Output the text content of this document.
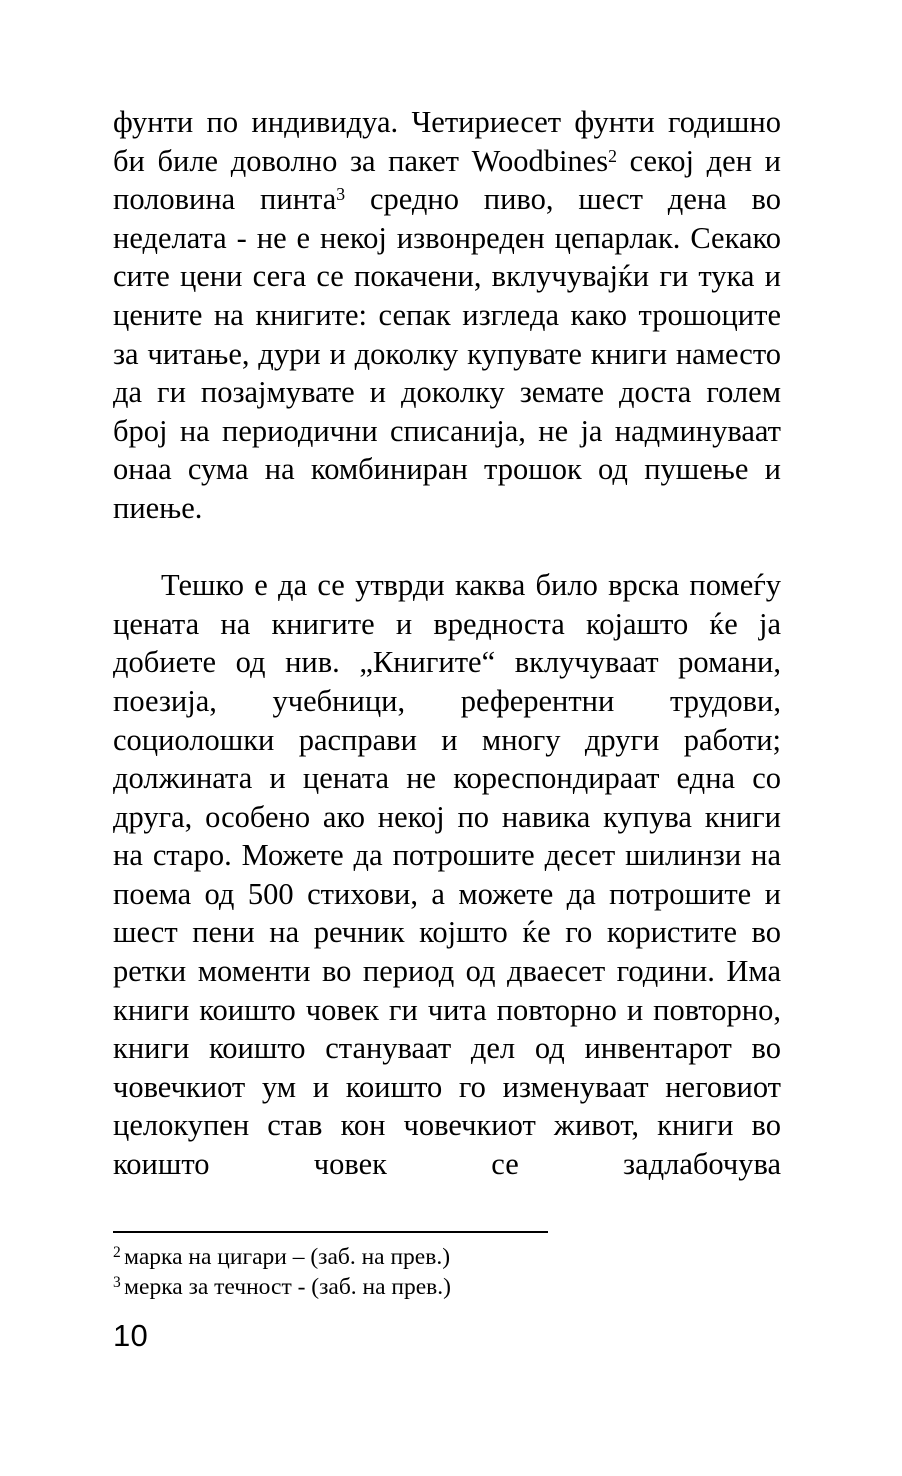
фунти по индивидуа. Четириесет фунти годишно би биле доволно за пакет Woodbines$^2$ секој ден и половина пинта$^3$ средно пиво, шест дена во неделата - не е некој извонреден цепарлак. Секако сите цени сега се покачени, вклучувајќи ги тука и цените на книгите: сепак изгледа како трошоците за читање, дури и доколку купувате книги наместо да ги позајмувате и доколку земате доста голем број на периодични списанија, не ја надминуваат онаа сума на комбиниран трошок од пушење и пиење.

Тешко е да се утврди каква било врска помеѓу цената на книгите и вредноста којашто ќе ја добиете од нив. „Книгите“ вклучуваат романи, поезија, учебници, референтни трудови, социолошки расправи и многу други работи; должината и цената не кореспондираат една со друга, особено ако некој по навика купува книги на старо. Можете да потрошите десет шилинзи на поема од 500 стихови, а можете да потрошите и шест пени на речник којшто ќе го користите во ретки моменти во период од дваесет години. Има книги коишто човек ги чита повторно и повторно, книги коишто стануваат дел од инвентарот во човечкиот ум и коишто го изменуваат неговиот целокупен став кон човечкиот живот, книги во коишто човек се задлабочува

$^2$ марка на цигари – (заб. на прев.)

$^3$ мерка за течност - (заб. на прев.)

10
